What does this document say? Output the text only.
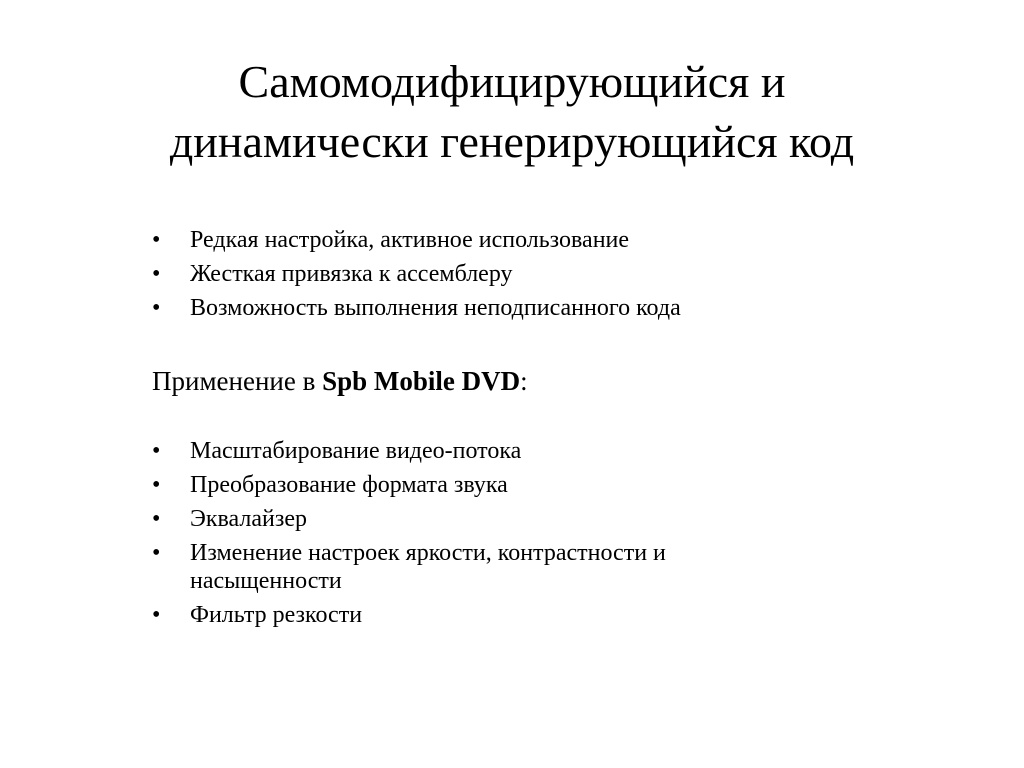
Самомодифицирующийся и
динамически генерирующийся код
• Редкая настройка, активное использование
• Жесткая привязка к ассемблеру
• Возможность выполнения неподписанного кода

Применение в Spb Mobile DVD:

• Масштабирование видео-потока
• Преобразование формата звука
• Эквалайзер
• Изменение настроек яркости, контрастности и
насыщенности
• Фильтр резкости
